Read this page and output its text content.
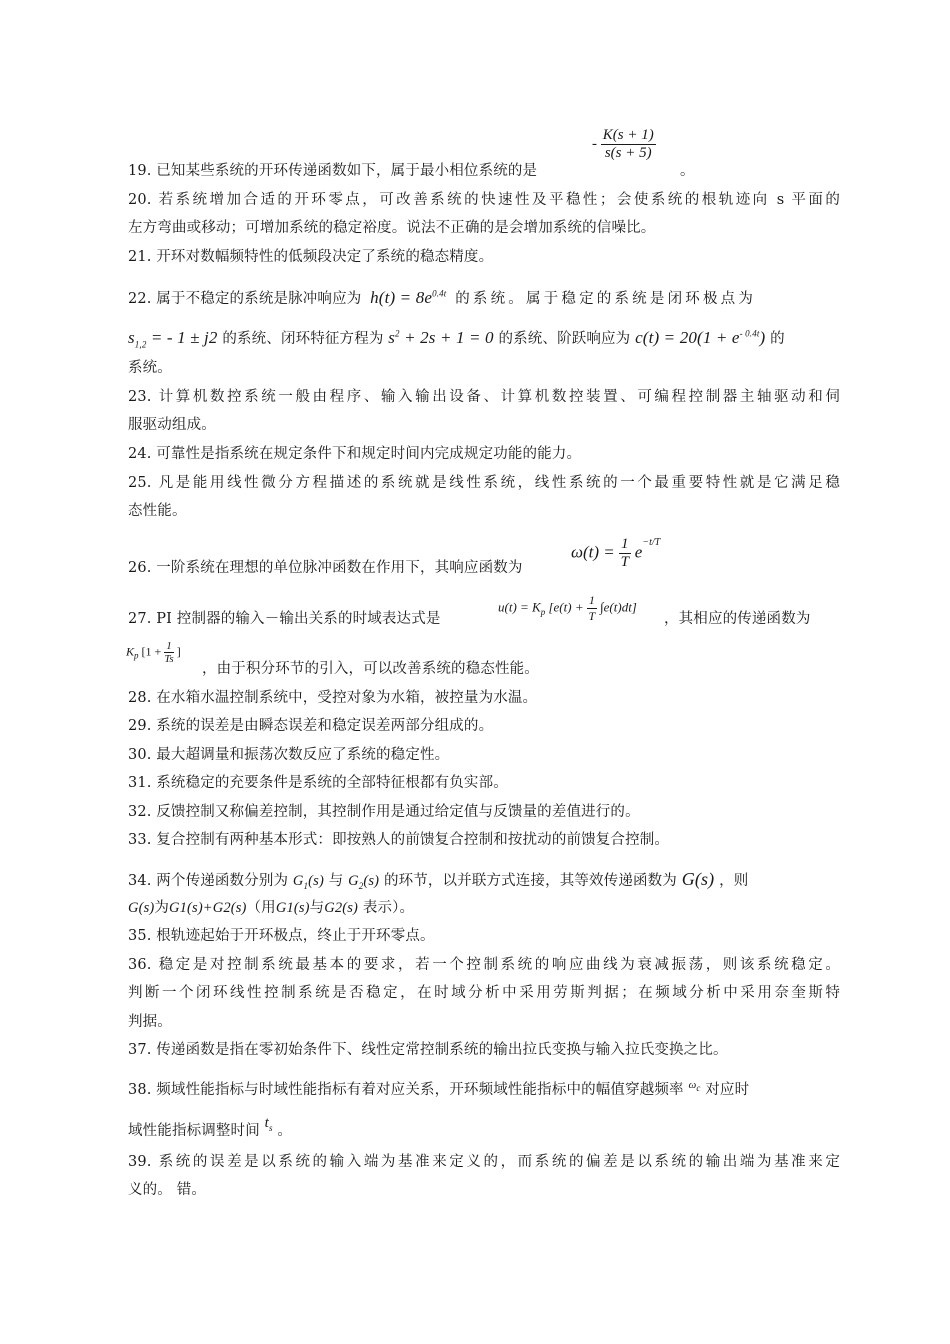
- $\frac{K(s + 1)}{s(s + 5)}$
19. 已知某些系统的开环传递函数如下，属于最小相位系统的是	。
20. 若系统增加合适的开环零点，可改善系统的快速性及平稳性；会使系统的根轨迹向 s 平面的
左方弯曲或移动；可增加系统的稳定裕度。说法不正确的是会增加系统的信噪比。
21. 开环对数幅频特性的低频段决定了系统的稳态精度。
22. 属于不稳定的系统是脉冲响应为 $h(t) = 8e^{0.4t}$ 的系统。属于稳定的系统是闭环极点为
$s_{1,2}$ = - 1 ± j2 的系统、闭环特征方程为 $s^2 + 2s + 1 = 0$ 的系统、阶跃响应为 $c(t) = 20(1 + e^{- 0.4t})$ 的
系统。
23. 计算机数控系统一般由程序、输入输出设备、计算机数控装置、可编程控制器主轴驱动和伺
服驱动组成。
24. 可靠性是指系统在规定条件下和规定时间内完成规定功能的能力。
25. 凡是能用线性微分方程描述的系统就是线性系统，线性系统的一个最重要特性就是它满足稳
态性能。
26. 一阶系统在理想的单位脉冲函数在作用下，其响应函数为
$\omega(t) = \frac{1}{T} e^{-t/T}$
27. PI 控制器的输入－输出关系的时域表达式是	，其相应的传递函数为
$u(t) = K_p$ $[e(t) + \frac{1}{T} \int e(t)dt]$
$K_p$ [$1 + \frac{1}{Ts}$ ]
，由于积分环节的引入，可以改善系统的稳态性能。
28. 在水箱水温控制系统中，受控对象为水箱，被控量为水温。
29. 系统的误差是由瞬态误差和稳定误差两部分组成的。
30. 最大超调量和振荡次数反应了系统的稳定性。
31. 系统稳定的充要条件是系统的全部特征根都有负实部。
32. 反馈控制又称偏差控制，其控制作用是通过给定值与反馈量的差值进行的。
33. 复合控制有两种基本形式：即按熟人的前馈复合控制和按扰动的前馈复合控制。
34. 两个传递函数分别为 $G_1(s)$ 与 $G_2(s)$ 的环节，以并联方式连接，其等效传递函数为 G(s) ，则
G(s)为G1(s)+G2(s)（用G1(s)与G2(s) 表示）。
35. 根轨迹起始于开环极点，终止于开环零点。
36. 稳定是对控制系统最基本的要求，若一个控制系统的响应曲线为衰减振荡，则该系统稳定。
判断一个闭环线性控制系统是否稳定，在时域分析中采用劳斯判据；在频域分析中采用奈奎斯特
判据。
37. 传递函数是指在零初始条件下、线性定常控制系统的输出拉氏变换与输入拉氏变换之比。
38. 频域性能指标与时域性能指标有着对应关系，开环频域性能指标中的幅值穿越频率 $^{\omega_c}$ 对应时
域性能指标调整时间 $t_s$ 。
39. 系统的误差是以系统的输入端为基准来定义的，而系统的偏差是以系统的输出端为基准来定
义的。 错。
